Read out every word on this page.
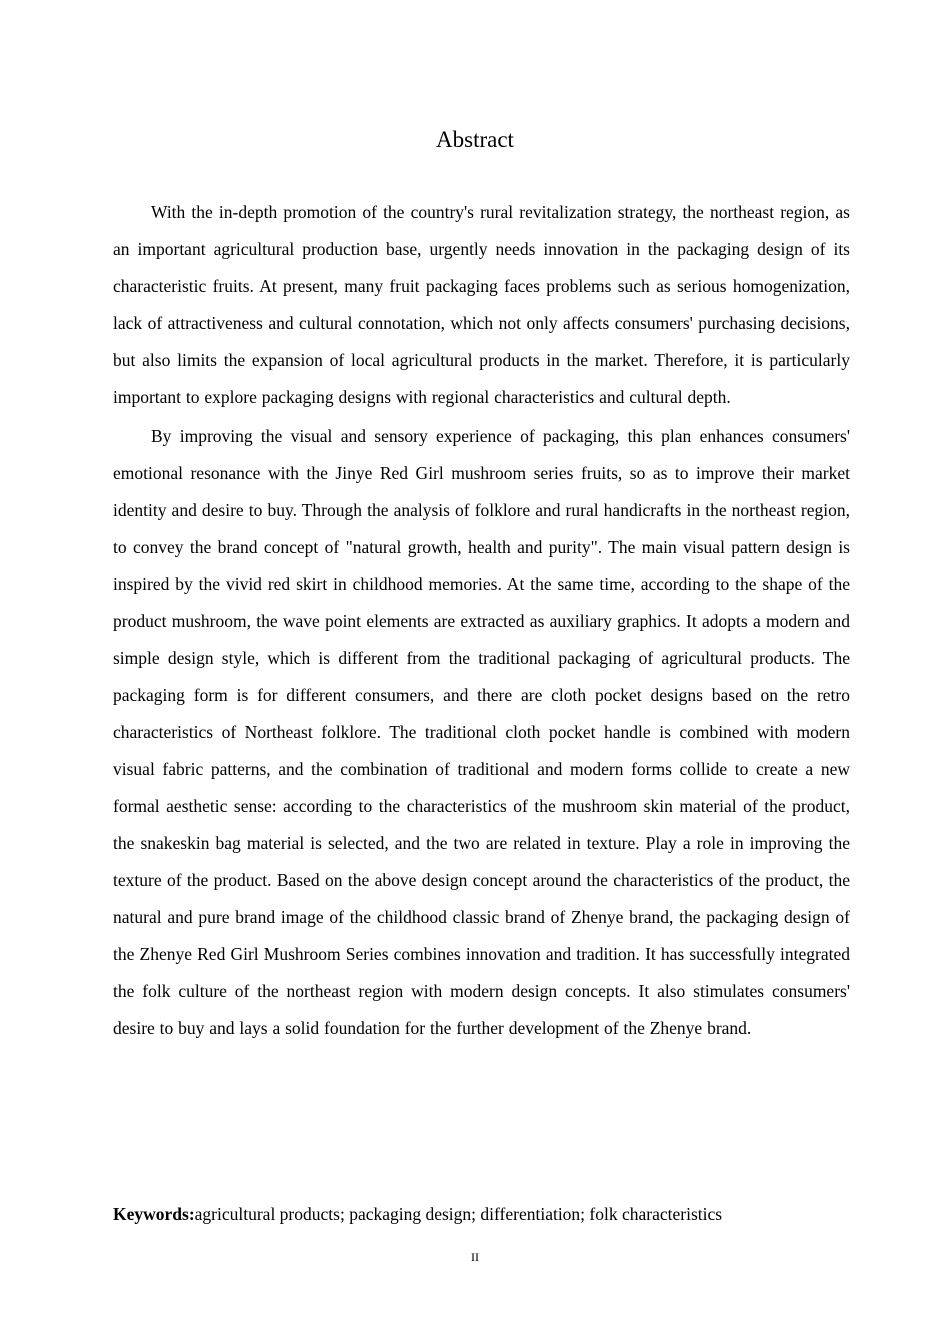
Abstract

With the in-depth promotion of the country's rural revitalization strategy, the northeast region, as an important agricultural production base, urgently needs innovation in the packaging design of its characteristic fruits. At present, many fruit packaging faces problems such as serious homogenization, lack of attractiveness and cultural connotation, which not only affects consumers' purchasing decisions, but also limits the expansion of local agricultural products in the market. Therefore, it is particularly important to explore packaging designs with regional characteristics and cultural depth.

By improving the visual and sensory experience of packaging, this plan enhances consumers' emotional resonance with the Jinye Red Girl mushroom series fruits, so as to improve their market identity and desire to buy. Through the analysis of folklore and rural handicrafts in the northeast region, to convey the brand concept of "natural growth, health and purity". The main visual pattern design is inspired by the vivid red skirt in childhood memories. At the same time, according to the shape of the product mushroom, the wave point elements are extracted as auxiliary graphics. It adopts a modern and simple design style, which is different from the traditional packaging of agricultural products. The packaging form is for different consumers, and there are cloth pocket designs based on the retro characteristics of Northeast folklore. The traditional cloth pocket handle is combined with modern visual fabric patterns, and the combination of traditional and modern forms collide to create a new formal aesthetic sense: according to the characteristics of the mushroom skin material of the product, the snakeskin bag material is selected, and the two are related in texture. Play a role in improving the texture of the product. Based on the above design concept around the characteristics of the product, the natural and pure brand image of the childhood classic brand of Zhenye brand, the packaging design of the Zhenye Red Girl Mushroom Series combines innovation and tradition. It has successfully integrated the folk culture of the northeast region with modern design concepts. It also stimulates consumers' desire to buy and lays a solid foundation for the further development of the Zhenye brand.

Keywords:agricultural products; packaging design; differentiation; folk characteristics

II
